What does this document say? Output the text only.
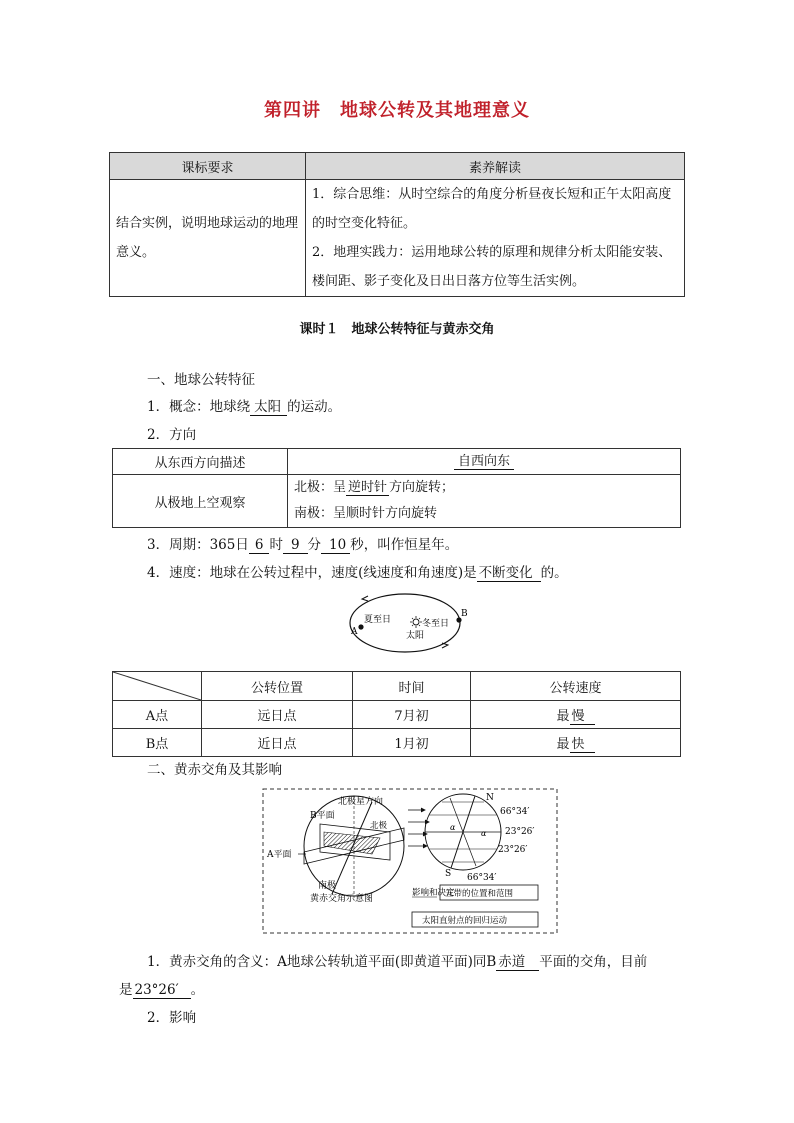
第四讲　地球公转及其地理意义
课标要求	素养解读
结合实例，说明地球运动的地理意义。	1．综合思维：从时空综合的角度分析昼夜长短和正午太阳高度的时空变化特征。
2．地理实践力：运用地球公转的原理和规律分析太阳能安装、楼间距、影子变化及日出日落方位等生活实例。
课时１　地球公转特征与黄赤交角
一、地球公转特征
1．概念：地球绕 太阳 的运动。
2．方向
从东西方向描述	自西向东
从极地上空观察	北极：呈 逆时针 方向旋转；
南极：呈顺时针方向旋转
3．周期：365日 6 时 9 分 10 秒，叫作恒星年。
4．速度：地球在公转过程中，速度(线速度和角速度)是 不断变化 的。
A
B
夏至日	冬至日
太阳
	公转位置	时间	公转速度
A点	远日点	7月初	最 慢
B点	近日点	1月初	最 快
二、黄赤交角及其影响
北极星方向
北极
B平面
A平面
南极
黄赤交角示意图
N
S
α
α
66°34′
23°26′
23°26′
66°34′
影响和决定
五带的位置和范围
太阳直射点的回归运动
1．黄赤交角的含义：A地球公转轨道平面(即黄道平面)同B 赤道 平面的交角，目前
是 23°26′ 。
2．影响
